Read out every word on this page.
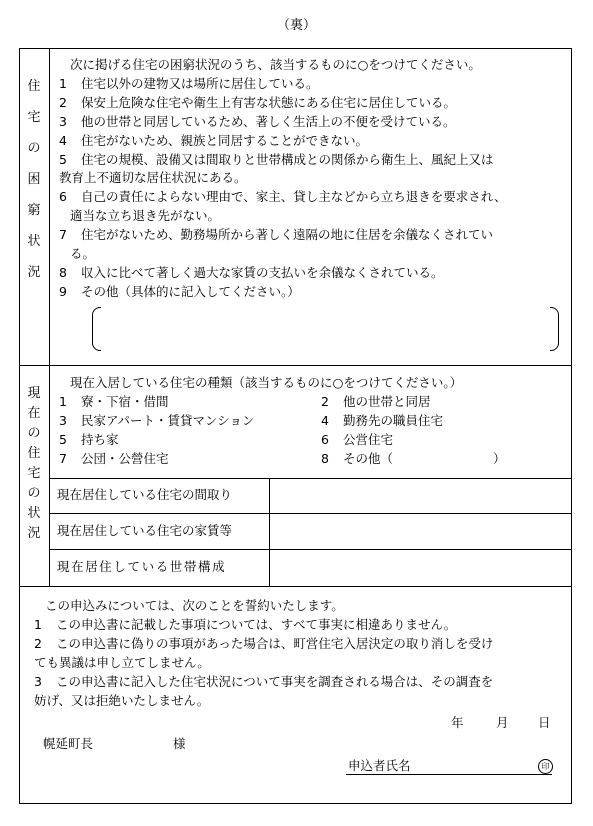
（裏）
住
宅
の
困
窮
状
況
次に掲げる住宅の困窮状況のうち、該当するものに○をつけてください。
1 住宅以外の建物又は場所に居住している。
2 保安上危険な住宅や衛生上有害な状態にある住宅に居住している。
3 他の世帯と同居しているため、著しく生活上の不便を受けている。
4 住宅がないため、親族と同居することができない。
5 住宅の規模、設備又は間取りと世帯構成との関係から衛生上、風紀上又は
教育上不適切な居住状況にある。
6 自己の責任によらない理由で、家主、貸し主などから立ち退きを要求され、
適当な立ち退き先がない。
7 住宅がないため、勤務場所から著しく遠隔の地に住居を余儀なくされてい
る。
8 収入に比べて著しく過大な家賃の支払いを余儀なくされている。
9 その他（具体的に記入してください。）
現
在
の
住
宅
の
状
況
現在入居している住宅の種類（該当するものに○をつけてください。）
1 寮・下宿・借間	2 他の世帯と同居
3 民家アパート・賃貸マンション	4 勤務先の職員住宅
5 持ち家	6 公営住宅
7 公団・公營住宅	8 その他（　　　　　　　　）
現在居住している住宅の間取り
現在居住している住宅の家賃等
現在居住している世帯構成
この申込みについては、次のことを誓約いたします。
1 この申込書に記載した事項については、すべて事実に相違ありません。
2 この申込書に偽りの事項があった場合は、町営住宅入居決定の取り消しを受け
ても異議は申し立てしません。
3 この申込書に記入した住宅状況について事実を調査される場合は、その調査を
妨げ、又は拒絶いたしません。
年	月 日
幌延町長	様
申込者氏名	印
